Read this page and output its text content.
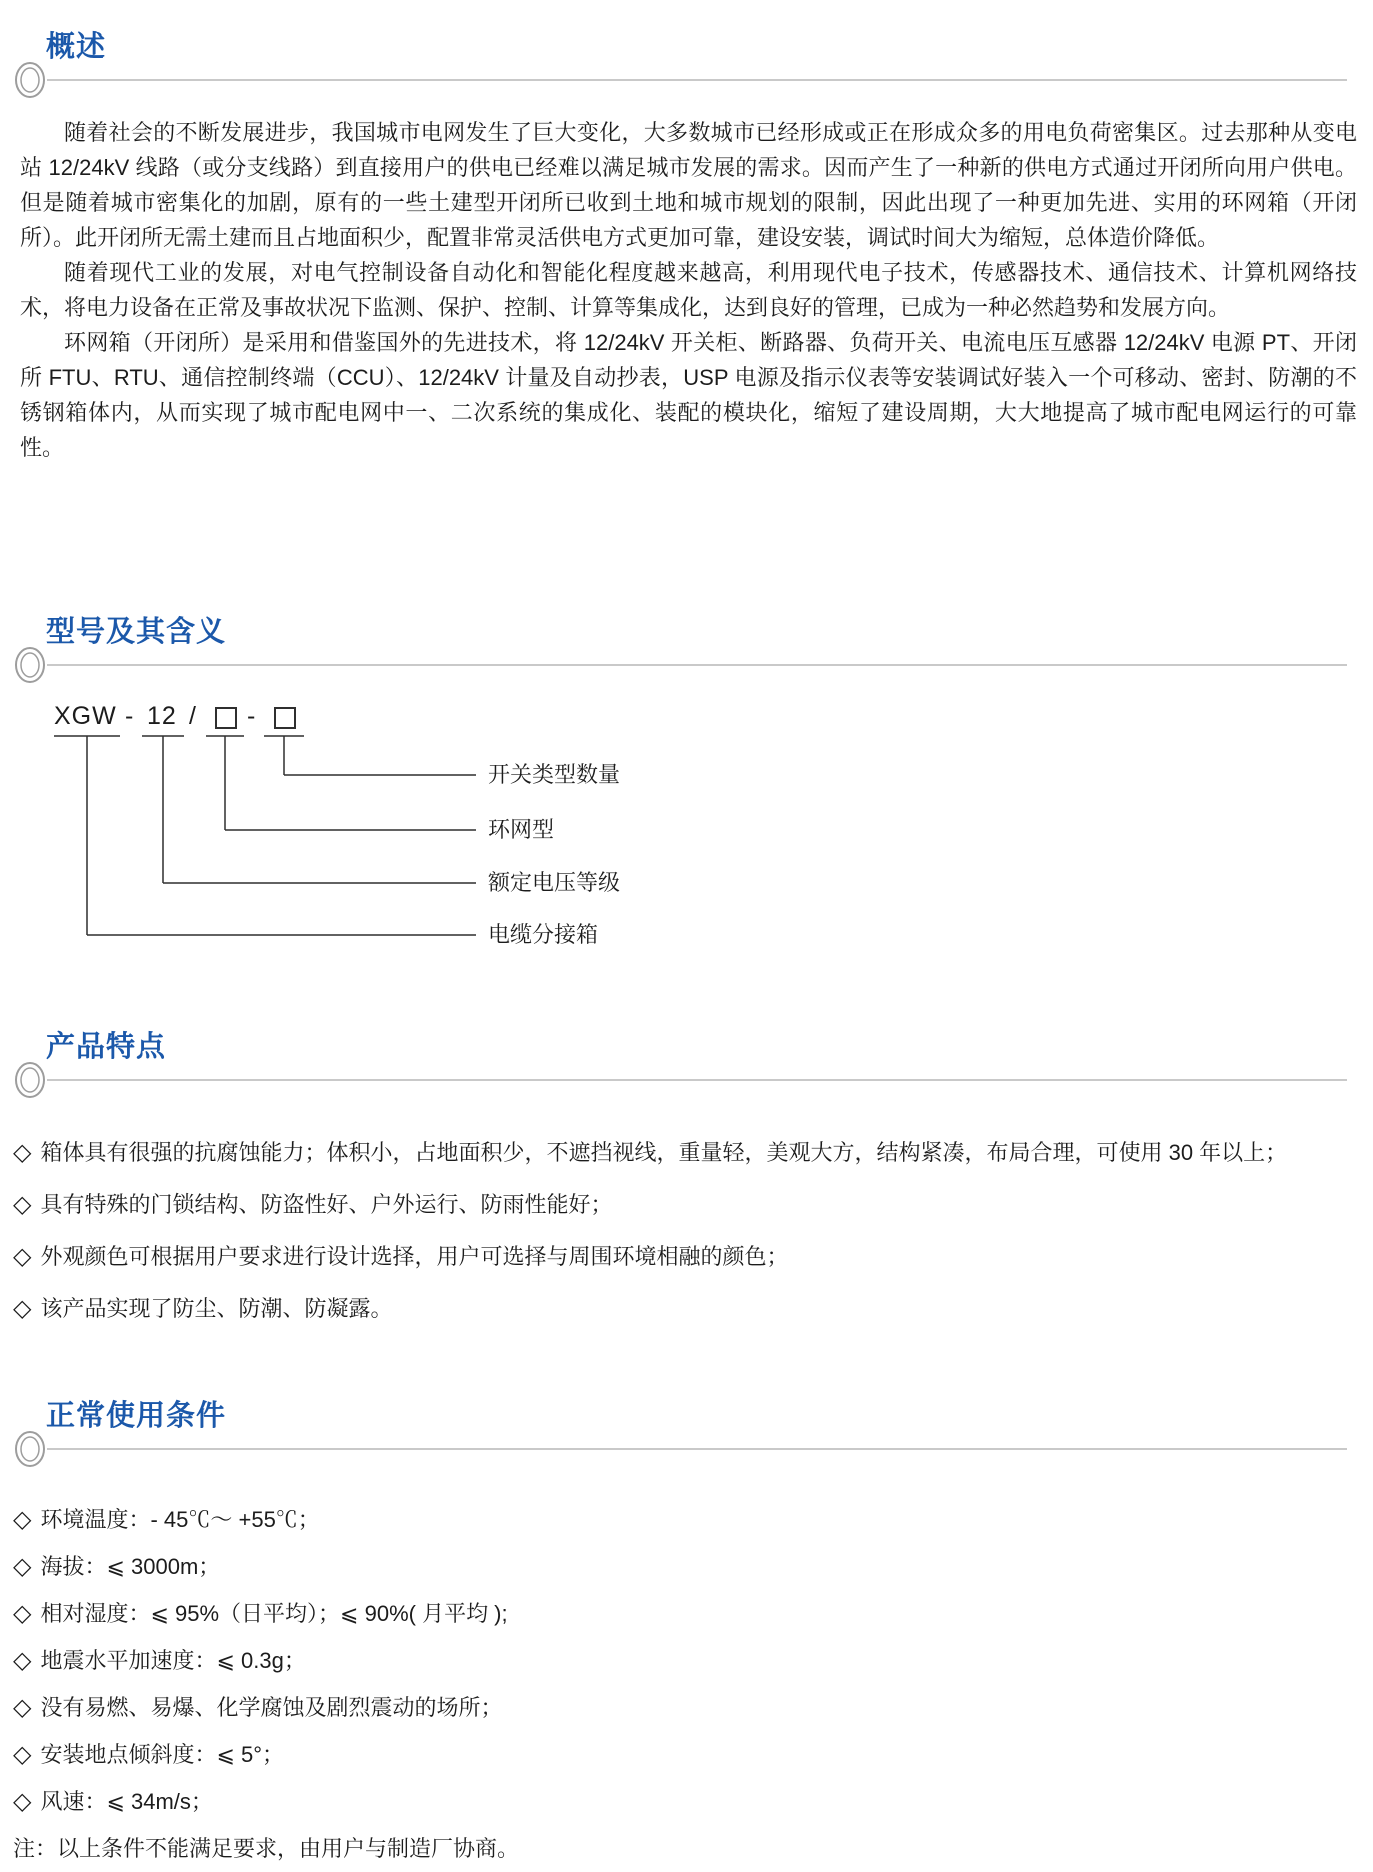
概述

随着社会的不断发展进步，我国城市电网发生了巨大变化，大多数城市已经形成或正在形成众多的用电负荷密集区。过去那种从变电站 12/24kV 线路（或分支线路）到直接用户的供电已经难以满足城市发展的需求。因而产生了一种新的供电方式通过开闭所向用户供电。但是随着城市密集化的加剧，原有的一些土建型开闭所已收到土地和城市规划的限制，因此出现了一种更加先进、实用的环网箱（开闭所）。此开闭所无需土建而且占地面积少，配置非常灵活供电方式更加可靠，建设安装，调试时间大为缩短，总体造价降低。

随着现代工业的发展，对电气控制设备自动化和智能化程度越来越高，利用现代电子技术，传感器技术、通信技术、计算机网络技术，将电力设备在正常及事故状况下监测、保护、控制、计算等集成化，达到良好的管理，已成为一种必然趋势和发展方向。

环网箱（开闭所）是采用和借鉴国外的先进技术，将 12/24kV 开关柜、断路器、负荷开关、电流电压互感器 12/24kV 电源 PT、开闭所 FTU、RTU、通信控制终端（CCU）、12/24kV 计量及自动抄表，USP 电源及指示仪表等安装调试好装入一个可移动、密封、防潮的不锈钢箱体内，从而实现了城市配电网中一、二次系统的集成化、装配的模块化，缩短了建设周期，大大地提高了城市配电网运行的可靠性。

型号及其含义
XGW - 12 / -
开关类型数量
环网型
额定电压等级
电缆分接箱
产品特点
◇ 箱体具有很强的抗腐蚀能力；体积小，占地面积少，不遮挡视线，重量轻，美观大方，结构紧凑，布局合理，可使用 30 年以上；
◇ 具有特殊的门锁结构、防盗性好、户外运行、防雨性能好；
◇ 外观颜色可根据用户要求进行设计选择，用户可选择与周围环境相融的颜色；
◇ 该产品实现了防尘、防潮、防凝露。
正常使用条件
◇ 环境温度：- 45℃～ +55℃；
◇ 海拔：⩽ 3000m；
◇ 相对湿度：⩽ 95%（日平均）；⩽ 90%( 月平均 );
◇ 地震水平加速度：⩽ 0.3g；
◇ 没有易燃、易爆、化学腐蚀及剧烈震动的场所；
◇ 安装地点倾斜度：⩽ 5°；
◇ 风速：⩽ 34m/s；

注：以上条件不能满足要求，由用户与制造厂协商。
